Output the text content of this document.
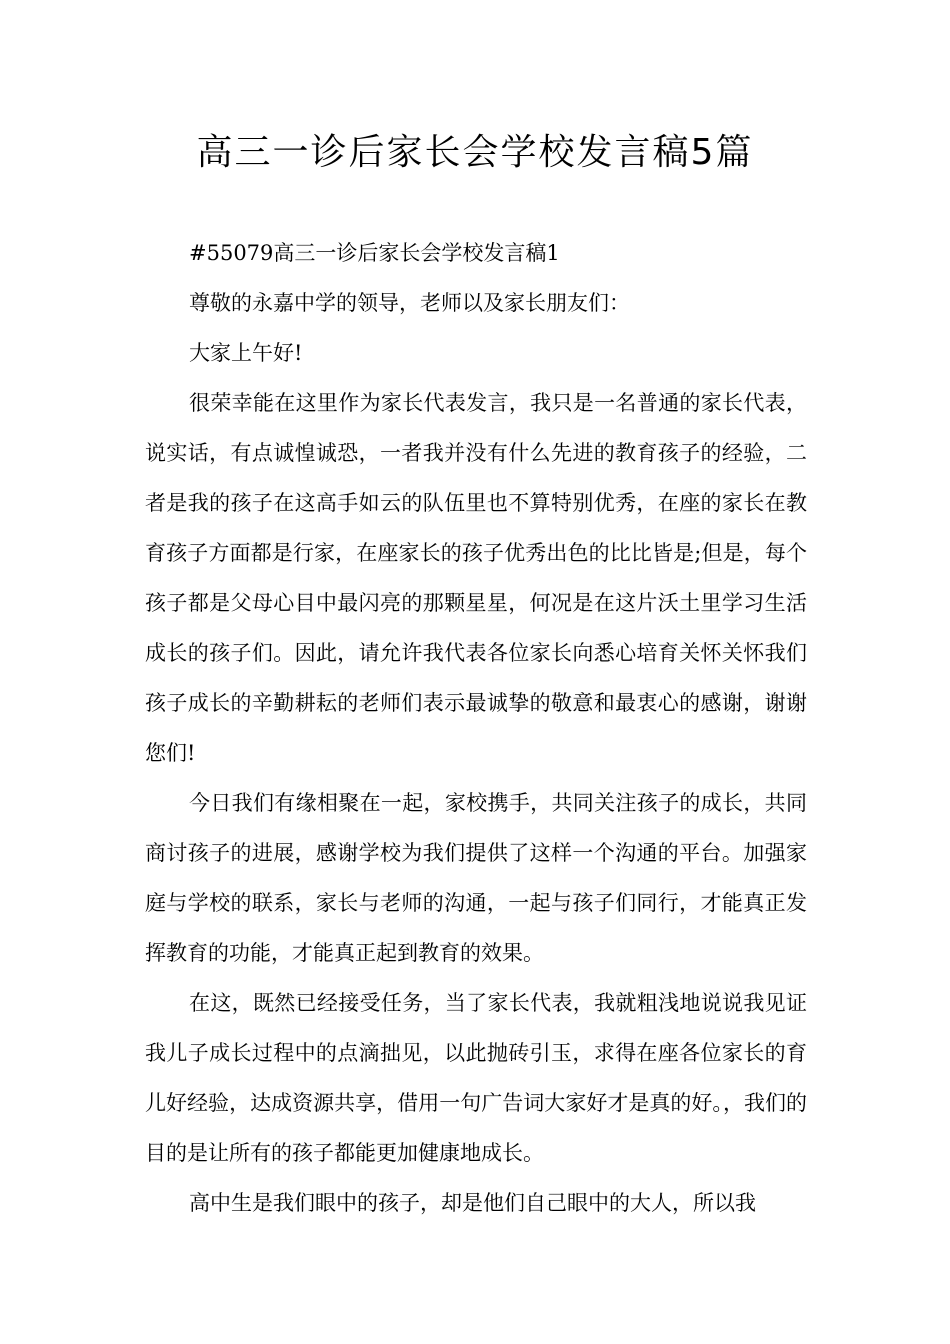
高三一诊后家长会学校发言稿5篇

#55079高三一诊后家长会学校发言稿1

尊敬的永嘉中学的领导，老师以及家长朋友们：

大家上午好!

很荣幸能在这里作为家长代表发言，我只是一名普通的家长代表，说实话，有点诚惶诚恐，一者我并没有什么先进的教育孩子的经验，二者是我的孩子在这高手如云的队伍里也不算特别优秀，在座的家长在教育孩子方面都是行家，在座家长的孩子优秀出色的比比皆是;但是，每个孩子都是父母心目中最闪亮的那颗星星，何况是在这片沃土里学习生活成长的孩子们。因此，请允许我代表各位家长向悉心培育关怀关怀我们孩子成长的辛勤耕耘的老师们表示最诚挚的敬意和最衷心的感谢，谢谢您们!

今日我们有缘相聚在一起，家校携手，共同关注孩子的成长，共同商讨孩子的进展，感谢学校为我们提供了这样一个沟通的平台。加强家庭与学校的联系，家长与老师的沟通，一起与孩子们同行，才能真正发挥教育的功能，才能真正起到教育的效果。

在这，既然已经接受任务，当了家长代表，我就粗浅地说说我见证我儿子成长过程中的点滴拙见，以此抛砖引玉，求得在座各位家长的育儿好经验，达成资源共享，借用一句广告词大家好才是真的好。，我们的目的是让所有的孩子都能更加健康地成长。

高中生是我们眼中的孩子，却是他们自己眼中的大人，所以我
